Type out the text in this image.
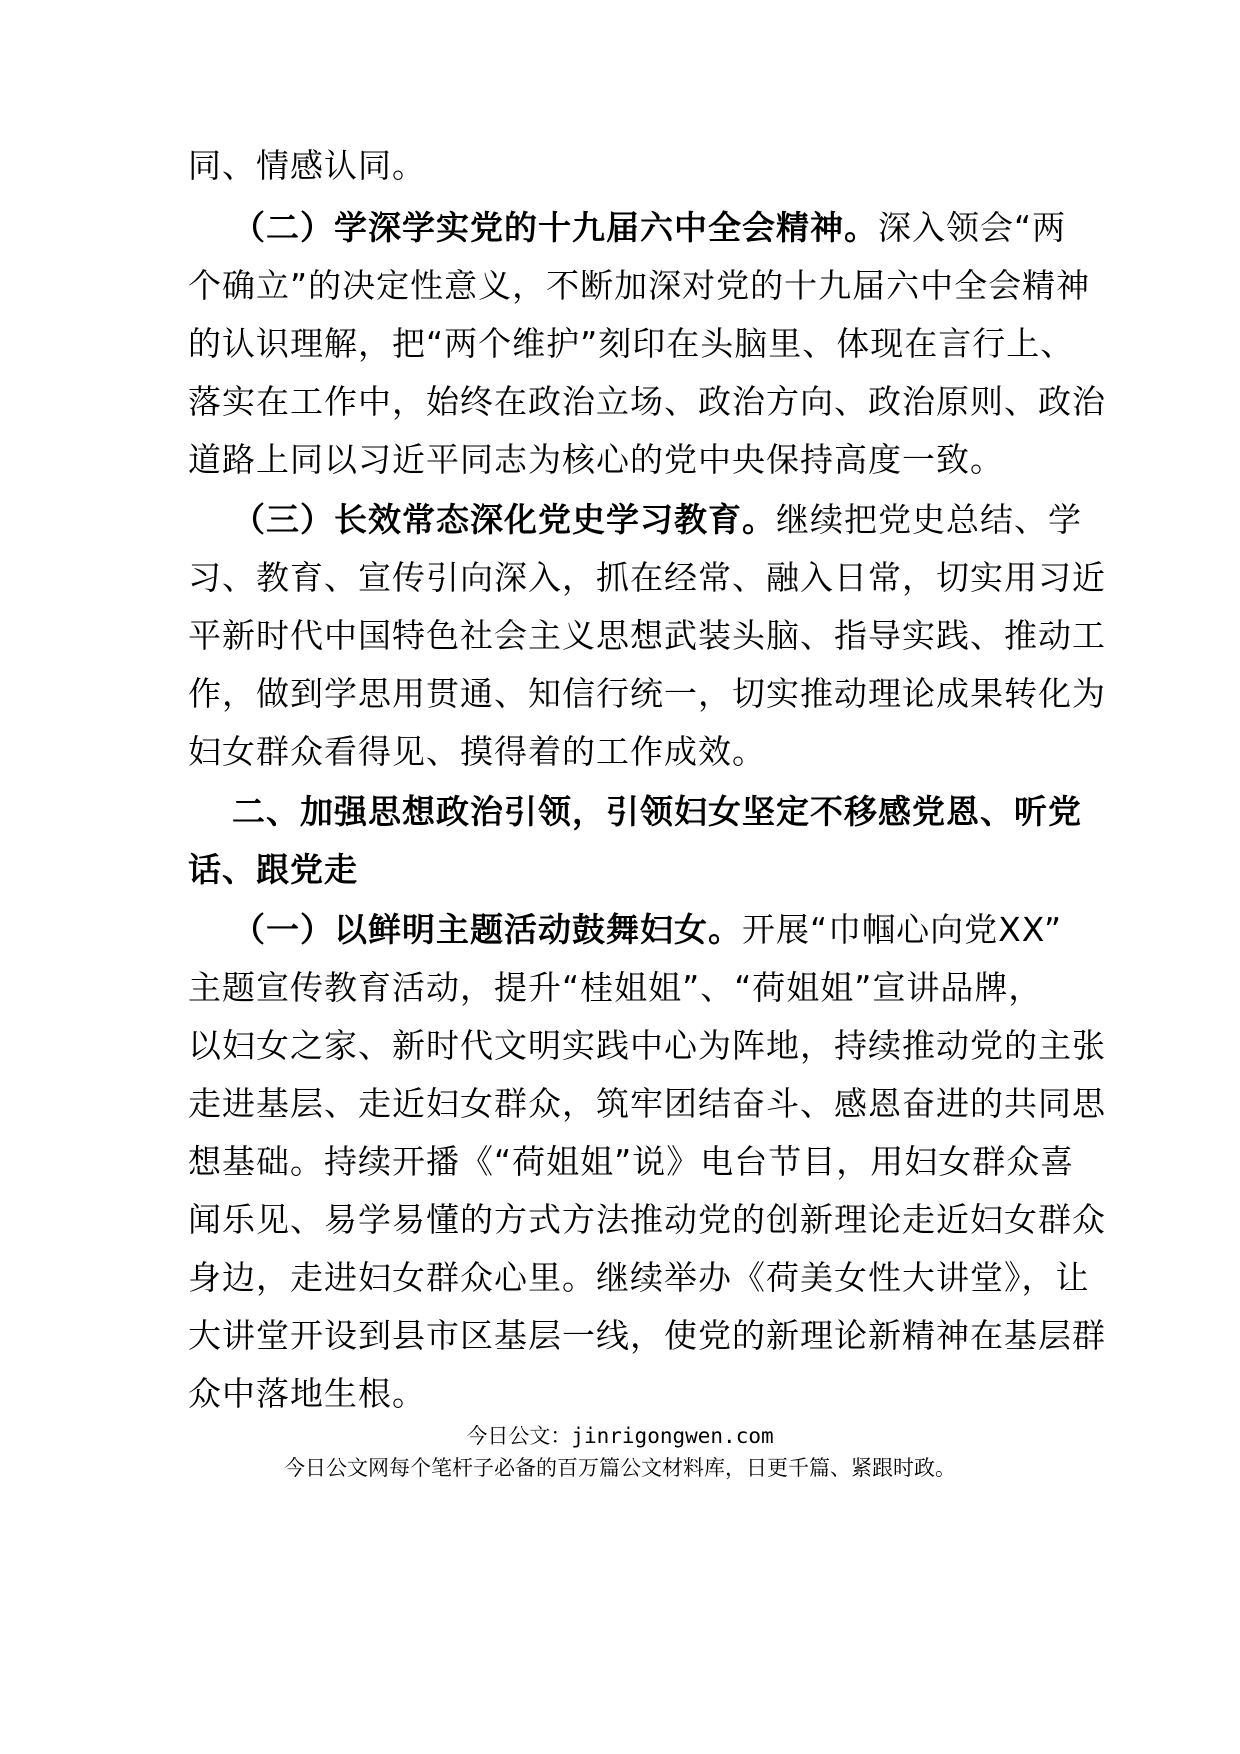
同、情感认同。
（二）学深学实党的十九届六中全会精神。深入领会“两
个确立”的决定性意义，不断加深对党的十九届六中全会精神
的认识理解，把“两个维护”刻印在头脑里、体现在言行上、
落实在工作中，始终在政治立场、政治方向、政治原则、政治
道路上同以习近平同志为核心的党中央保持高度一致。
（三）长效常态深化党史学习教育。继续把党史总结、学
习、教育、宣传引向深入，抓在经常、融入日常，切实用习近
平新时代中国特色社会主义思想武装头脑、指导实践、推动工
作，做到学思用贯通、知信行统一，切实推动理论成果转化为
妇女群众看得见、摸得着的工作成效。
二、加强思想政治引领，引领妇女坚定不移感党恩、听党
话、跟党走
（一）以鲜明主题活动鼓舞妇女。开展“巾帼心向党XX”
主题宣传教育活动，提升“桂姐姐”、“荷姐姐”宣讲品牌，
以妇女之家、新时代文明实践中心为阵地，持续推动党的主张
走进基层、走近妇女群众，筑牢团结奋斗、感恩奋进的共同思
想基础。持续开播《“荷姐姐”说》电台节目，用妇女群众喜
闻乐见、易学易懂的方式方法推动党的创新理论走近妇女群众
身边，走进妇女群众心里。继续举办《荷美女性大讲堂》，让
大讲堂开设到县市区基层一线，使党的新理论新精神在基层群
众中落地生根。
今日公文：jinrigongwen.com
今日公文网每个笔杆子必备的百万篇公文材料库，日更千篇、紧跟时政。
